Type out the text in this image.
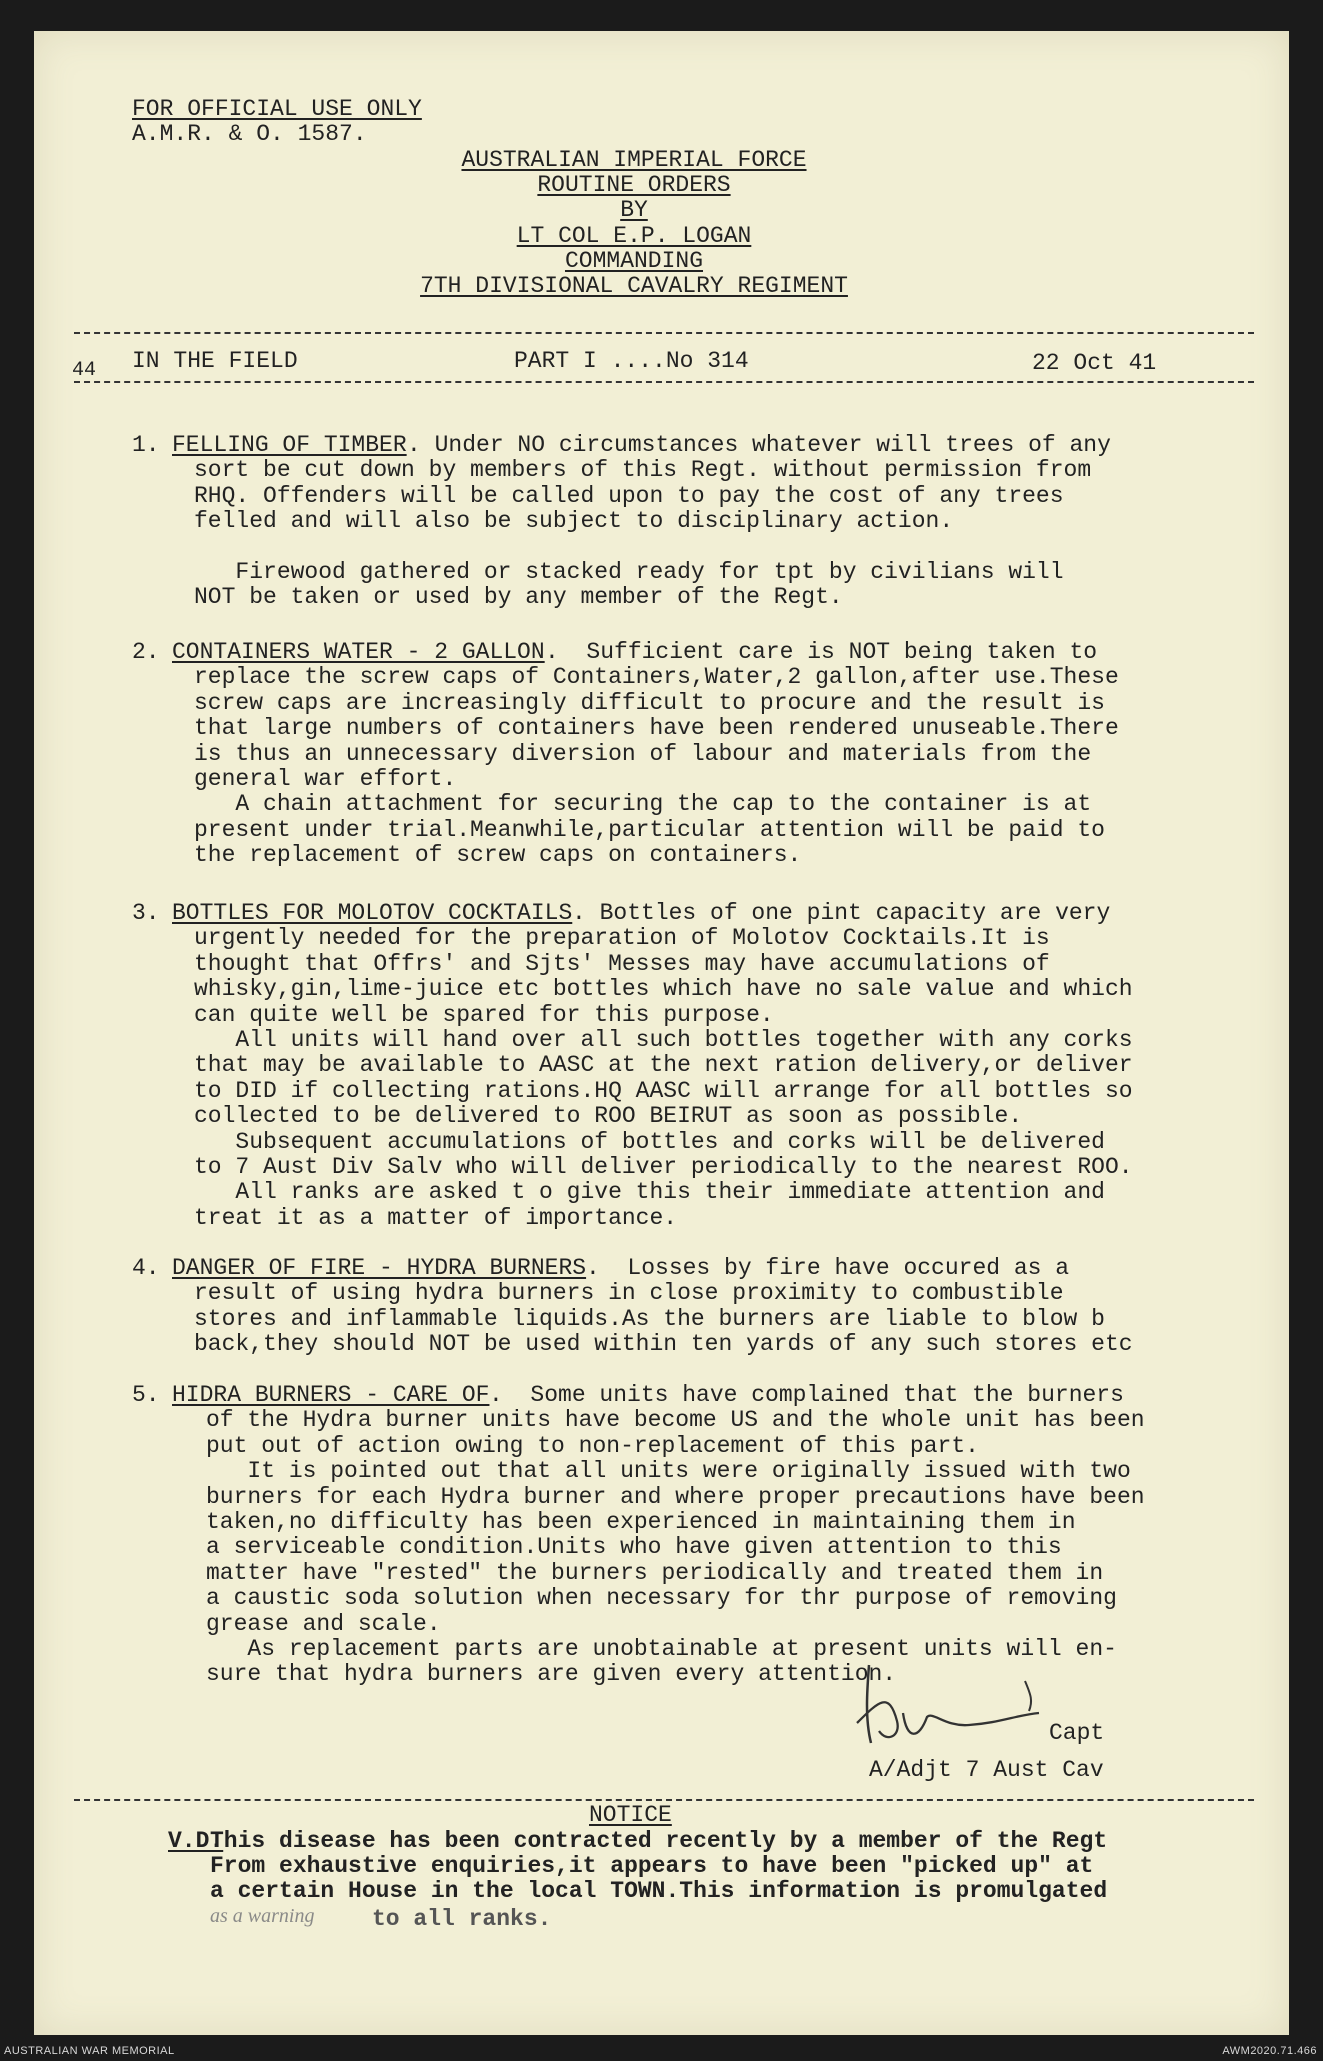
FOR OFFICIAL USE ONLY
A.M.R. & O. 1587.
AUSTRALIAN IMPERIAL FORCE
ROUTINE ORDERS
BY
LT COL E.P. LOGAN
COMMANDING
7TH DIVISIONAL CAVALRY REGIMENT
44 IN THE FIELD	PART I ....No 314	22 Oct 41
1. FELLING OF TIMBER . Under NO circumstances whatever will trees of any
sort be cut down by members of this Regt. without permission from
RHQ. Offenders will be called upon to pay the cost of any trees
felled and will also be subject to disciplinary action.
Firewood gathered or stacked ready for tpt by civilians will
NOT be taken or used by any member of the Regt.
2. CONTAINERS WATER - 2 GALLON .  Sufficient care is NOT being taken to
replace the screw caps of Containers,Water,2 gallon,after use.These
screw caps are increasingly difficult to procure and the result is
that large numbers of containers have been rendered unuseable.There
is thus an unnecessary diversion of labour and materials from the
general war effort.
A chain attachment for securing the cap to the container is at
present under trial.Meanwhile,particular attention will be paid to
the replacement of screw caps on containers.
3. BOTTLES FOR MOLOTOV COCKTAILS . Bottles of one pint capacity are very
urgently needed for the preparation of Molotov Cocktails.It is
thought that Offrs' and Sjts' Messes may have accumulations of
whisky,gin,lime-juice etc bottles which have no sale value and which
can quite well be spared for this purpose.
All units will hand over all such bottles together with any corks
that may be available to AASC at the next ration delivery,or deliver
to DID if collecting rations.HQ AASC will arrange for all bottles so
collected to be delivered to ROO BEIRUT as soon as possible.
Subsequent accumulations of bottles and corks will be delivered
to 7 Aust Div Salv who will deliver periodically to the nearest ROO.
All ranks are asked t o give this their immediate attention and
treat it as a matter of importance.
4. DANGER OF FIRE - HYDRA BURNERS .  Losses by fire have occured as a
result of using hydra burners in close proximity to combustible
stores and inflammable liquids.As the burners are liable to blow b
back,they should NOT be used within ten yards of any such stores etc
5. HIDRA BURNERS - CARE OF .  Some units have complained that the burners
of the Hydra burner units have become US and the whole unit has been
put out of action owing to non-replacement of this part.
It is pointed out that all units were originally issued with two
burners for each Hydra burner and where proper precautions have been
taken,no difficulty has been experienced in maintaining them in
a serviceable condition.Units who have given attention to this
matter have "rested" the burners periodically and treated them in
a caustic soda solution when necessary for thr purpose of removing
grease and scale.
As replacement parts are unobtainable at present units will en-
sure that hydra burners are given every attention.
Capt
A/Adjt 7 Aust Cav
NOTICE
V.D.
This disease has been contracted recently by a member of the Regt
From exhaustive enquiries,it appears to have been "picked up" at
a certain House in the local TOWN.This information is promulgated
as a warning	to all ranks.
AUSTRALIAN WAR MEMORIAL	AWM2020.71.466
